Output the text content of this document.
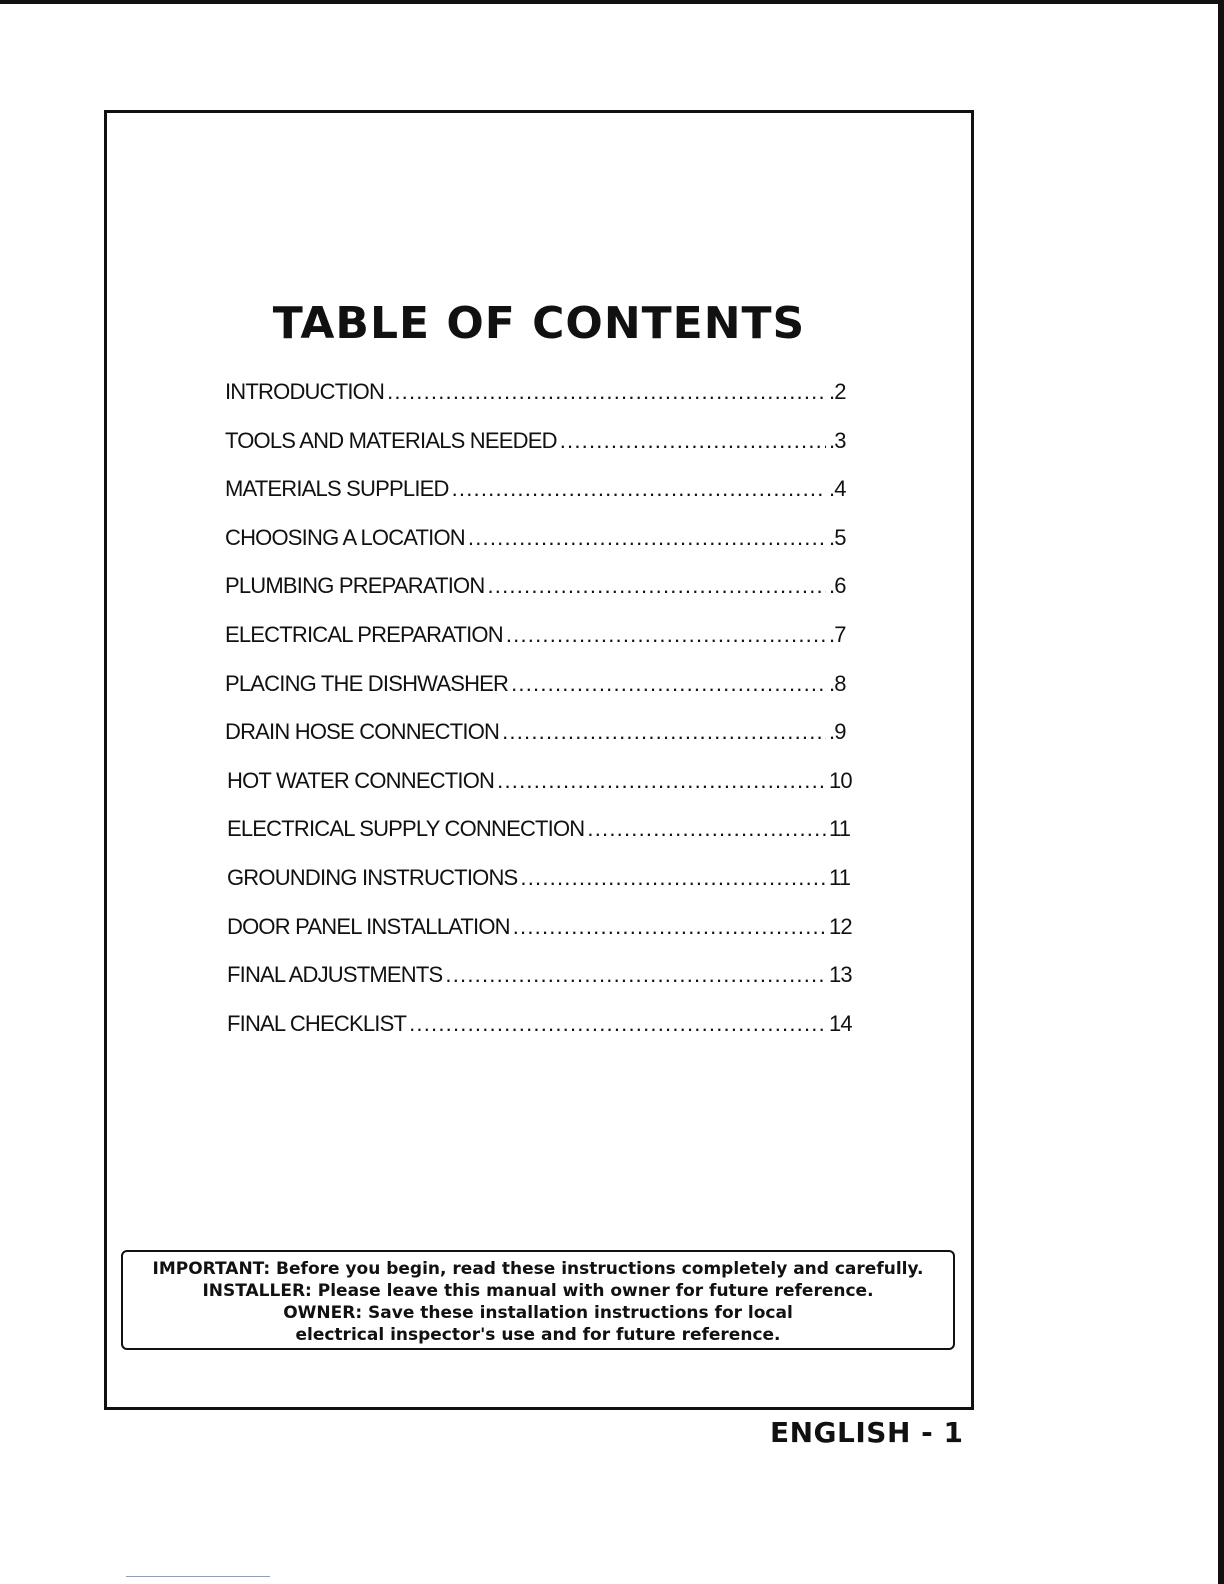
TABLE OF CONTENTS
INTRODUCTION .....	.2
TOOLS AND MATERIALS NEEDED .....	.3
MATERIALS SUPPLIED .....	.4
CHOOSING A LOCATION .....	.5
PLUMBING PREPARATION .....	.6
ELECTRICAL PREPARATION .....	.7
PLACING THE DISHWASHER .....	.8
DRAIN HOSE CONNECTION .....	.9
HOT WATER CONNECTION .....	10
ELECTRICAL SUPPLY CONNECTION .....	11
GROUNDING INSTRUCTIONS .....	11
DOOR PANEL INSTALLATION .....	12
FINAL ADJUSTMENTS .....	13
FINAL CHECKLIST .....	14
IMPORTANT: Before you begin, read these instructions completely and carefully.
INSTALLER: Please leave this manual with owner for future reference.
OWNER: Save these installation instructions for local
electrical inspector's use and for future reference.
ENGLISH - 1
